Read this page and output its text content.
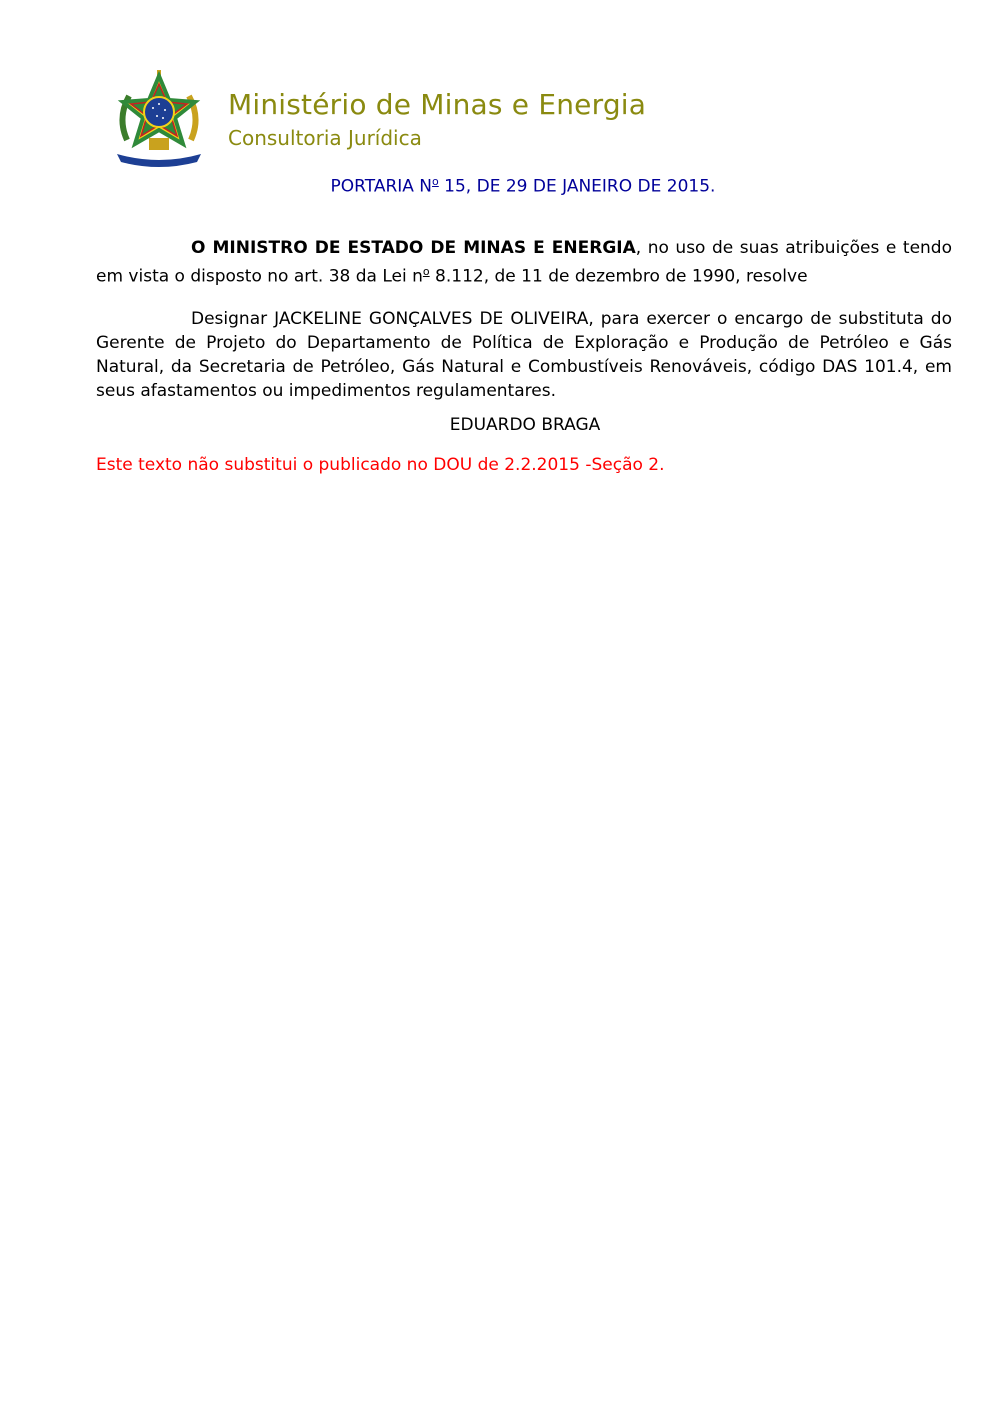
Ministério de Minas e Energia
Consultoria Jurídica
PORTARIA $N^o$ 15, DE 29 DE JANEIRO DE 2015.
O MINISTRO DE ESTADO DE MINAS E ENERGIA, no uso de suas atribuições e tendo em vista o disposto no art. 38 da Lei $n^o$ 8.112, de 11 de dezembro de 1990, resolve
Designar JACKELINE GONÇALVES DE OLIVEIRA, para exercer o encargo de substituta do Gerente de Projeto do Departamento de Política de Exploração e Produção de Petróleo e Gás Natural, da Secretaria de Petróleo, Gás Natural e Combustíveis Renováveis, código DAS 101.4, em seus afastamentos ou impedimentos regulamentares.
EDUARDO BRAGA
Este texto não substitui o publicado no DOU de 2.2.2015 -Seção 2.
